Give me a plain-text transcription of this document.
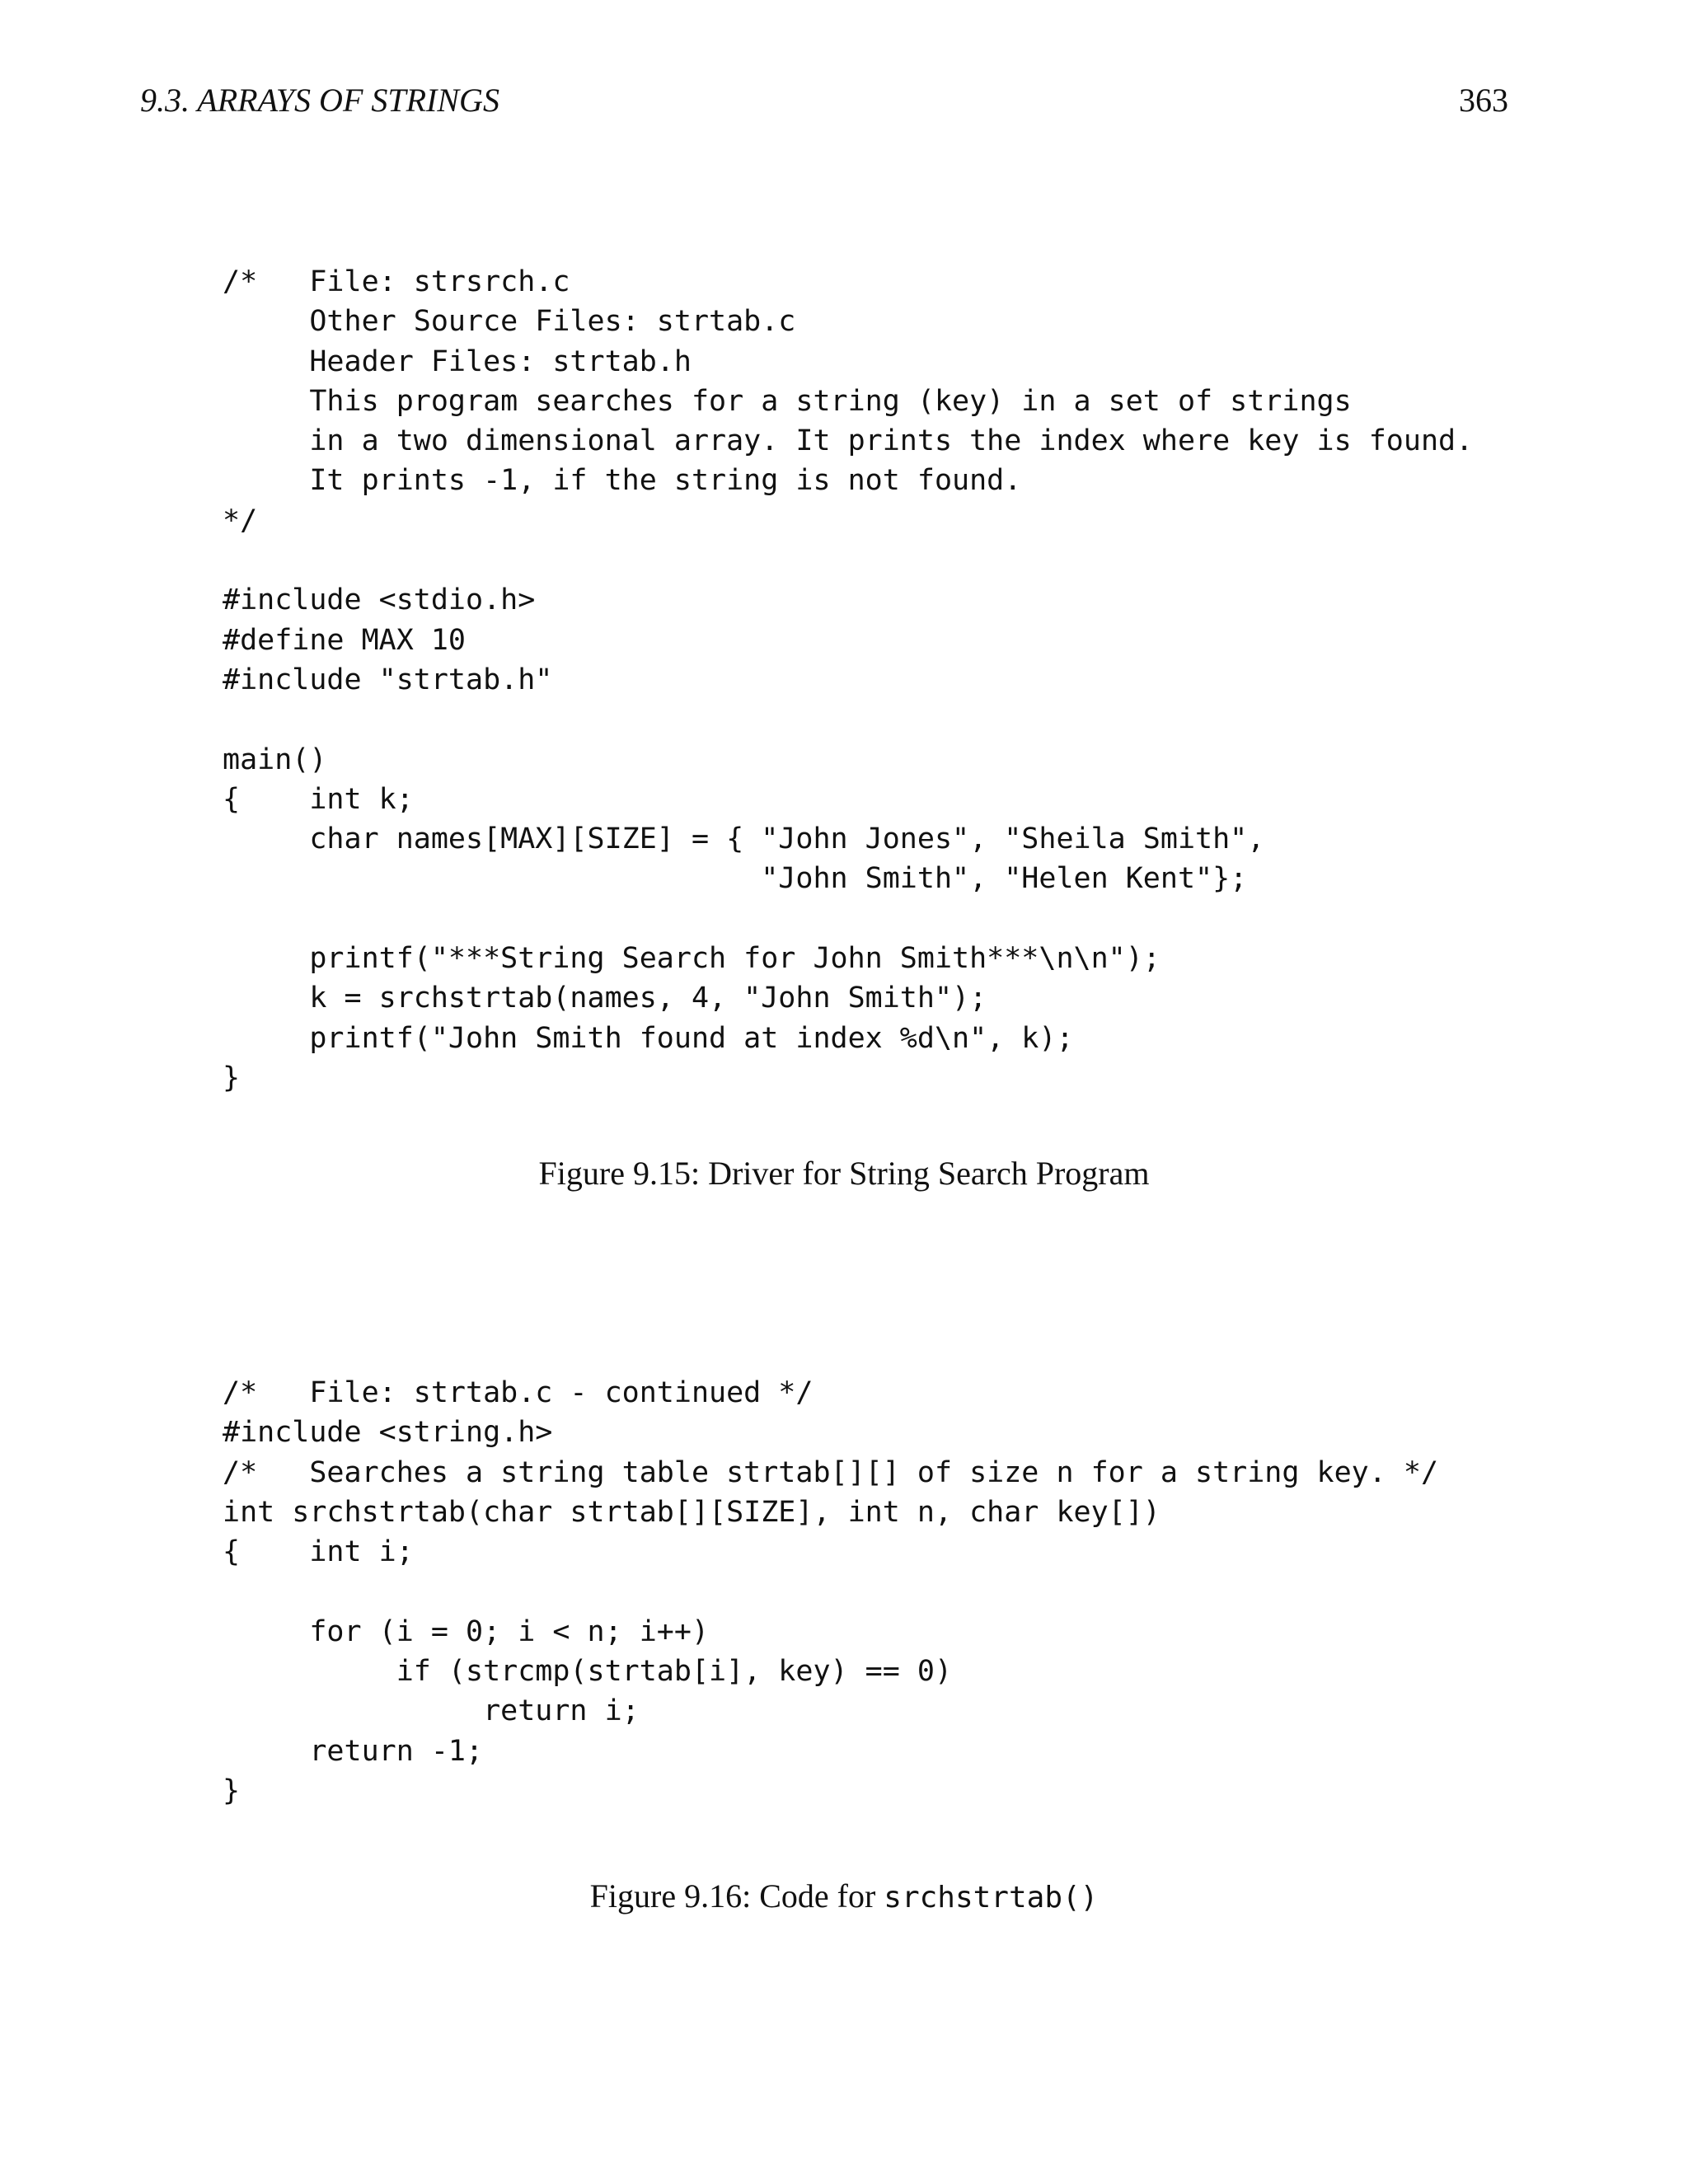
9.3. ARRAYS OF STRINGS	363
/*   File: strsrch.c
Other Source Files: strtab.c
Header Files: strtab.h
This program searches for a string (key) in a set of strings
in a two dimensional array. It prints the index where key is found.
It prints -1, if the string is not found.
*/
#include <stdio.h>
#define MAX 10
#include "strtab.h"
main()
{    int k;
char names[MAX][SIZE] = { "John Jones", "Sheila Smith",
"John Smith", "Helen Kent"};
printf("***String Search for John Smith***\n\n");
k = srchstrtab(names, 4, "John Smith");
printf("John Smith found at index %d\n", k);
}
Figure 9.15: Driver for String Search Program
/*   File: strtab.c - continued */
#include <string.h>
/*   Searches a string table strtab[][] of size n for a string key. */
int srchstrtab(char strtab[][SIZE], int n, char key[])
{    int i;
for (i = 0; i < n; i++)
if (strcmp(strtab[i], key) == 0)
return i;
return -1;
}
Figure 9.16: Code for srchstrtab()
